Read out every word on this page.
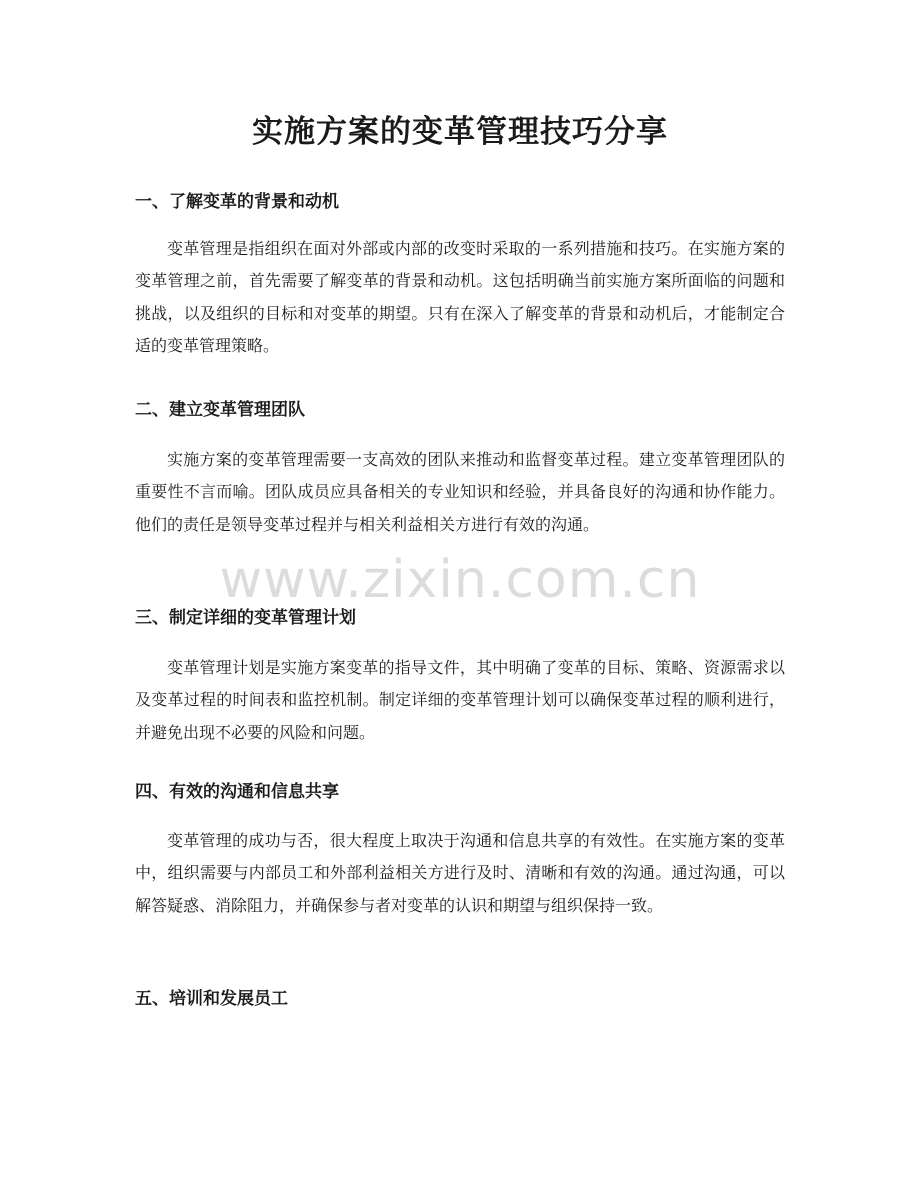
实施方案的变革管理技巧分享
一、了解变革的背景和动机

变革管理是指组织在面对外部或内部的改变时采取的一系列措施和技巧。在实施方案的变革管理之前，首先需要了解变革的背景和动机。这包括明确当前实施方案所面临的问题和挑战，以及组织的目标和对变革的期望。只有在深入了解变革的背景和动机后，才能制定合适的变革管理策略。

二、建立变革管理团队

实施方案的变革管理需要一支高效的团队来推动和监督变革过程。建立变革管理团队的重要性不言而喻。团队成员应具备相关的专业知识和经验，并具备良好的沟通和协作能力。他们的责任是领导变革过程并与相关利益相关方进行有效的沟通。

www.zixin.com.cn
三、制定详细的变革管理计划

变革管理计划是实施方案变革的指导文件，其中明确了变革的目标、策略、资源需求以及变革过程的时间表和监控机制。制定详细的变革管理计划可以确保变革过程的顺利进行，并避免出现不必要的风险和问题。

四、有效的沟通和信息共享

变革管理的成功与否，很大程度上取决于沟通和信息共享的有效性。在实施方案的变革中，组织需要与内部员工和外部利益相关方进行及时、清晰和有效的沟通。通过沟通，可以解答疑惑、消除阻力，并确保参与者对变革的认识和期望与组织保持一致。

五、培训和发展员工
